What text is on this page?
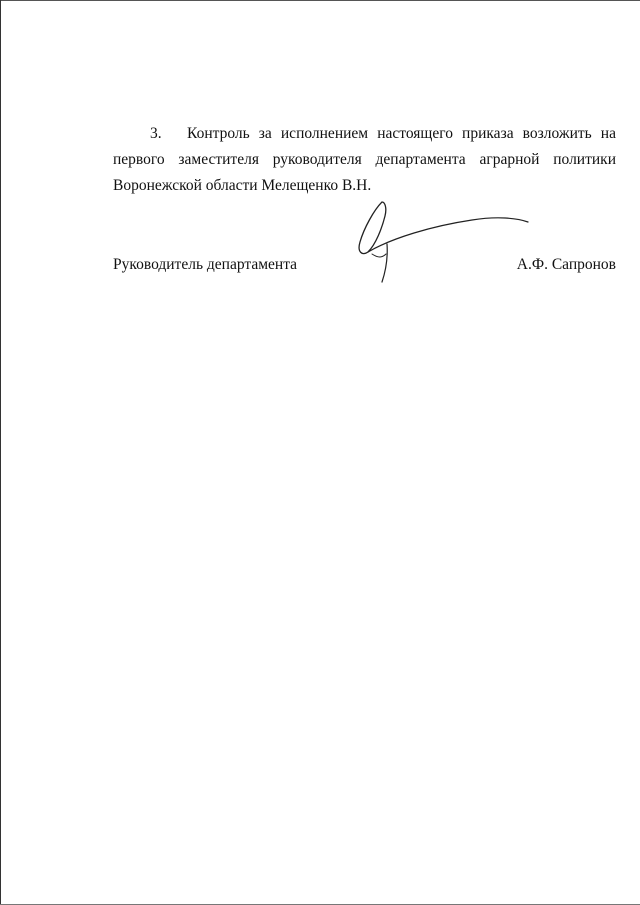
3. Контроль за исполнением настоящего приказа возложить на
первого заместителя руководителя департамента аграрной политики
Воронежской области Мелещенко В.Н.
Руководитель департамента	А.Ф. Сапронов
